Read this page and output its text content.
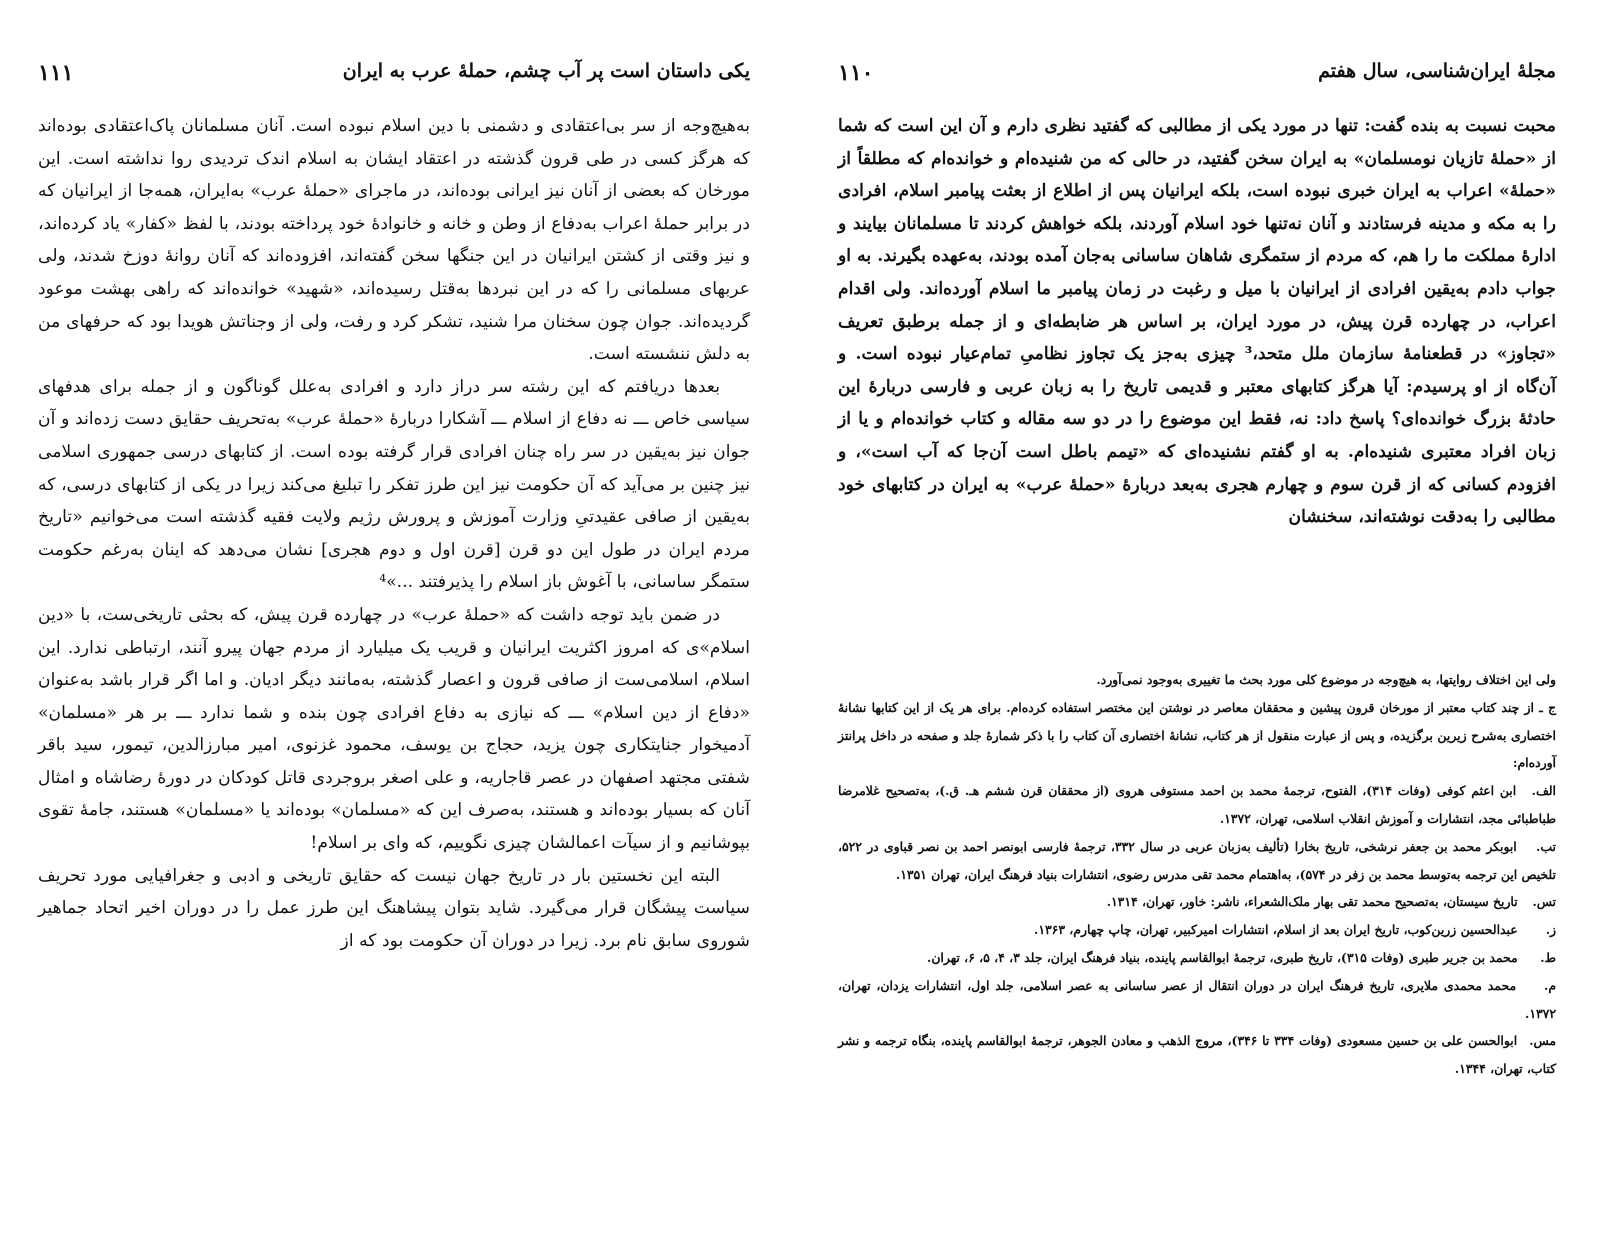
یکی داستان است پر آب چشم، حملهٔ عرب به ایران
۱۱۱

به‌هیچ‌وجه از سر بی‌اعتقادی و دشمنی با دین اسلام نبوده است. آنان مسلمانان پاک‌اعتقادی بوده‌اند که هرگز کسی در طی قرون گذشته در اعتقاد ایشان به اسلام اندک تردیدی روا نداشته است. این مورخان که بعضی از آنان نیز ایرانی بوده‌اند، در ماجرای «حملهٔ عرب» به‌ایران، همه‌جا از ایرانیان که در برابر حملهٔ اعراب به‌دفاع از وطن و خانه و خانوادهٔ خود پرداخته بودند، با لفظ «کفار» یاد کرده‌اند، و نیز وقتی از کشتن ایرانیان در این جنگها سخن گفته‌اند، افزوده‌اند که آنان روانهٔ دوزخ شدند، ولی عربهای مسلمانی را که در این نبردها به‌قتل رسیده‌اند، «شهید» خوانده‌اند که راهی بهشت موعود گردیده‌اند. جوان چون سخنان مرا شنید، تشکر کرد و رفت، ولی از وجناتش هویدا بود که حرفهای من به دلش ننشسته است.

بعدها دریافتم که این رشته سر دراز دارد و افرادی به‌علل گوناگون و از جمله برای هدفهای سیاسی خاص ـــ نه دفاع از اسلام ـــ آشکارا دربارهٔ «حملهٔ عرب» به‌تحریف حقایق دست زده‌اند و آن جوان نیز به‌یقین در سر راه چنان افرادی قرار گرفته بوده است. از کتابهای درسی جمهوری اسلامی نیز چنین بر می‌آید که آن حکومت نیز این طرز تفکر را تبلیغ می‌کند زیرا در یکی از کتابهای درسی، که به‌یقین از صافی عقیدتیِ وزارت آموزش و پرورش رژیم ولایت فقیه گذشته است می‌خوانیم «تاریخ مردم ایران در طول این دو قرن [قرن اول و دوم هجری] نشان می‌دهد که اینان به‌رغم حکومت ستمگر ساسانی، با آغوش باز اسلام را پذیرفتند ...»⁴

در ضمن باید توجه داشت که «حملهٔ عرب» در چهارده قرن پیش، که بحثی تاریخی‌ست، با «دین اسلام»ی که امروز اکثریت ایرانیان و قریب یک میلیارد از مردم جهان پیرو آنند، ارتباطی ندارد. این اسلام، اسلامی‌ست از صافی قرون و اعصار گذشته، به‌مانند دیگر ادیان. و اما اگر قرار باشد به‌عنوان «دفاع از دین اسلام» ـــ که نیازی به دفاع افرادی چون بنده و شما ندارد ـــ بر هر «مسلمان» آدمیخوار جنایتکاری چون یزید، حجاج بن یوسف، محمود غزنوی، امیر مبارزالدین، تیمور، سید باقر شفتی مجتهد اصفهان در عصر قاجاریه، و علی اصغر بروجردی قاتل کودکان در دورهٔ رضاشاه و امثال آنان که بسیار بوده‌اند و هستند، به‌صرف این که «مسلمان» بوده‌اند یا «مسلمان» هستند، جامهٔ تقوی بپوشانیم و از سیآت اعمالشان چیزی نگوییم، که وای بر اسلام!

البته این نخستین بار در تاریخ جهان نیست که حقایق تاریخی و ادبی و جغرافیایی مورد تحریف سیاست پیشگان قرار می‌گیرد. شاید بتوان پیشاهنگ این طرز عمل را در دوران اخیر اتحاد جماهیر شوروی سابق نام برد. زیرا در دوران آن حکومت بود که از

مجلهٔ ایران‌شناسی، سال هفتم
۱۱۰

محبت نسبت به بنده گفت: تنها در مورد یکی از مطالبی که گفتید نظری دارم و آن این است که شما از «حملهٔ تازیان نومسلمان» به ایران سخن گفتید، در حالی که من شنیده‌ام و خوانده‌ام که مطلقاً از «حملهٔ» اعراب به ایران خبری نبوده است، بلکه ایرانیان پس از اطلاع از بعثت پیامبر اسلام، افرادی را به مکه و مدینه فرستادند و آنان نه‌تنها خود اسلام آوردند، بلکه خواهش کردند تا مسلمانان بیایند و ادارهٔ مملکت ما را هم، که مردم از ستمگری شاهان ساسانی به‌جان آمده بودند، به‌عهده بگیرند. به او جواب دادم به‌یقین افرادی از ایرانیان با میل و رغبت در زمان پیامبر ما اسلام آورده‌اند. ولی اقدام اعراب، در چهارده قرن پیش، در مورد ایران، بر اساس هر ضابطه‌ای و از جمله برطبق تعریف «تجاوز» در قطعنامهٔ سازمان ملل متحد،³ چیزی به‌جز یک تجاوز نظامیِ تمام‌عیار نبوده است. و آن‌گاه از او پرسیدم: آیا هرگز کتابهای معتبر و قدیمی تاریخ را به زبان عربی و فارسی دربارهٔ این حادثهٔ بزرگ خوانده‌ای؟ پاسخ داد: نه، فقط این موضوع را در دو سه مقاله و کتاب خوانده‌ام و یا از زبان افراد معتبری شنیده‌ام. به او گفتم نشنیده‌ای که «تیمم باطل است آن‌جا که آب است»، و افزودم کسانی که از قرن سوم و چهارم هجری به‌بعد دربارهٔ «حملهٔ عرب» به ایران در کتابهای خود مطالبی را به‌دقت نوشته‌اند، سخنشان

ولی این اختلاف روایتها، به هیچ‌وجه در موضوع کلی مورد بحث ما تغییری به‌وجود نمی‌آورد.

ج ـ از چند کتاب معتبر از مورخان قرون پیشین و محققان معاصر در نوشتن این مختصر استفاده کرده‌ام. برای هر یک از این کتابها نشانهٔ اختصاری به‌شرح زیرین برگزیده، و پس از عبارت منقول از هر کتاب، نشانهٔ اختصاری آن کتاب را با ذکر شمارهٔ جلد و صفحه در داخل پرانتز آورده‌ام:

الف. ابن اعثم کوفی (وفات ۳۱۴)، الفتوح، ترجمهٔ محمد بن احمد مستوفی هروی (از محققان قرن ششم هـ. ق.)، به‌تصحیح غلامرضا طباطبائی مجد، انتشارات و آموزش انقلاب اسلامی، تهران، ۱۳۷۲.

تب. ابوبکر محمد بن جعفر نرشخی، تاریخ بخارا (تألیف به‌زبان عربی در سال ۳۳۲، ترجمهٔ فارسی ابونصر احمد بن نصر قباوی در ۵۲۲، تلخیص این ترجمه به‌توسط محمد بن زفر در ۵۷۴)، به‌اهتمام محمد تقی مدرس رضوی، انتشارات بنیاد فرهنگ ایران، تهران ۱۳۵۱.

تس. تاریخ سیستان، به‌تصحیح محمد تقی بهار ملک‌الشعراء، ناشر: خاور، تهران، ۱۳۱۴.

ز. عبدالحسین زرین‌کوب، تاریخ ایران بعد از اسلام، انتشارات امیرکبیر، تهران، چاپ چهارم، ۱۳۶۳.

ط. محمد بن جریر طبری (وفات ۳۱۵)، تاریخ طبری، ترجمهٔ ابوالقاسم پاینده، بنیاد فرهنگ ایران، جلد ۳، ۴، ۵، ۶، تهران.

م. محمد محمدی ملایری، تاریخ فرهنگ ایران در دوران انتقال از عصر ساسانی به عصر اسلامی، جلد اول، انتشارات یزدان، تهران، ۱۳۷۲.

مس. ابوالحسن علی بن حسین مسعودی (وفات ۳۳۴ تا ۳۴۶)، مروج الذهب و معادن الجوهر، ترجمهٔ ابوالقاسم پاینده، بنگاه ترجمه و نشر کتاب، تهران، ۱۳۴۴.
